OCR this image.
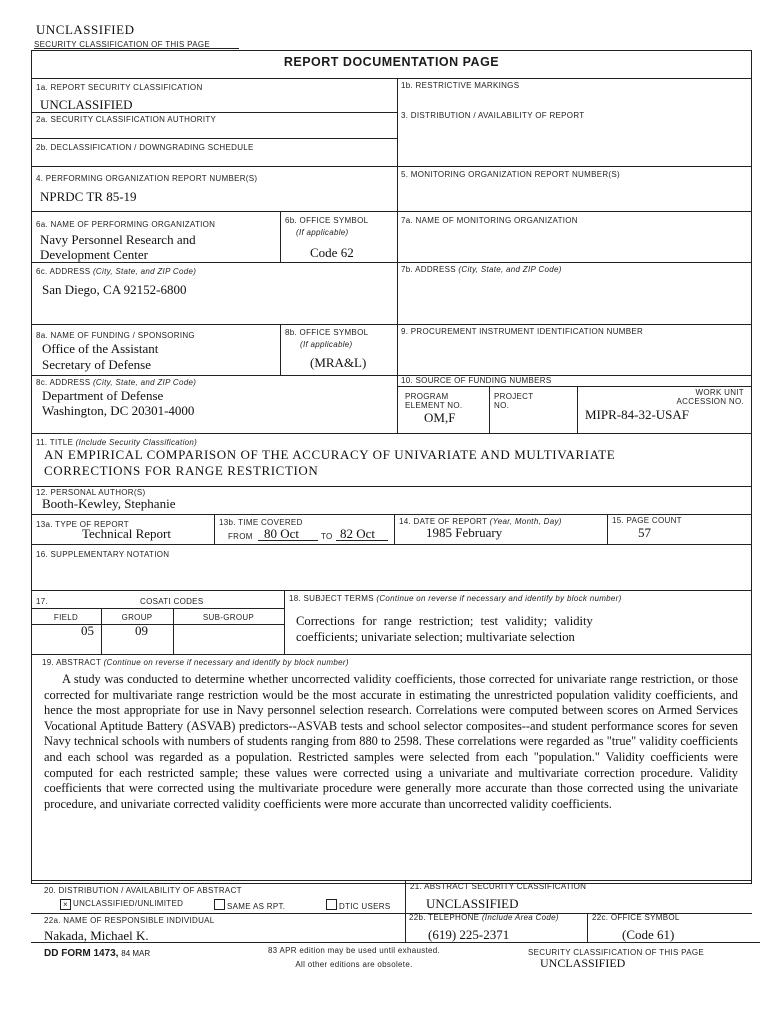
UNCLASSIFIED
SECURITY CLASSIFICATION OF THIS PAGE
REPORT DOCUMENTATION PAGE
1a. REPORT SECURITY CLASSIFICATION
UNCLASSIFIED
1b. RESTRICTIVE MARKINGS
2a. SECURITY CLASSIFICATION AUTHORITY	3. DISTRIBUTION / AVAILABILITY OF REPORT
2b. DECLASSIFICATION / DOWNGRADING SCHEDULE
4. PERFORMING ORGANIZATION REPORT NUMBER(S)
NPRDC TR 85-19
5. MONITORING ORGANIZATION REPORT NUMBER(S)
6a. NAME OF PERFORMING ORGANIZATION
Navy Personnel Research and
Development Center
6b. OFFICE SYMBOL
(If applicable)
Code 62
7a. NAME OF MONITORING ORGANIZATION
6c. ADDRESS (City, State, and ZIP Code)
San Diego, CA 92152-6800
7b. ADDRESS (City, State, and ZIP Code)
8a. NAME OF FUNDING / SPONSORING
Office of the Assistant
Secretary of Defense
8b. OFFICE SYMBOL
(If applicable)
(MRA&L)
9. PROCUREMENT INSTRUMENT IDENTIFICATION NUMBER
8c. ADDRESS (City, State, and ZIP Code)
Department of Defense
Washington, DC 20301-4000
10. SOURCE OF FUNDING NUMBERS
PROGRAM
ELEMENT NO.
OM,F
PROJECT
NO.
WORK UNIT
ACCESSION NO.
MIPR-84-32-USAF
11. TITLE (Include Security Classification)
AN EMPIRICAL COMPARISON OF THE ACCURACY OF UNIVARIATE AND MULTIVARIATE
CORRECTIONS FOR RANGE RESTRICTION
12. PERSONAL AUTHOR(S)
Booth-Kewley, Stephanie
13a. TYPE OF REPORT
Technical Report
13b. TIME COVERED
FROM 80 Oct	TO 82 Oct
14. DATE OF REPORT (Year, Month, Day)
1985 February
15. PAGE COUNT
57
16. SUPPLEMENTARY NOTATION
17.	COSATI CODES
FIELD	GROUP	SUB-GROUP
05	09
18. SUBJECT TERMS (Continue on reverse if necessary and identify by block number)
Corrections for range restriction; test validity; validity
coefficients; univariate selection; multivariate selection
19. ABSTRACT (Continue on reverse if necessary and identify by block number)
A study was conducted to determine whether uncorrected validity coefficients, those corrected for univariate range restriction, or those corrected for multivariate range restriction would be the most accurate in estimating the unrestricted population validity coefficients, and hence the most appropriate for use in Navy personnel selection research. Correlations were computed between scores on Armed Services Vocational Aptitude Battery (ASVAB) predictors--ASVAB tests and school selector composites--and student performance scores for seven Navy technical schools with numbers of students ranging from 880 to 2598. These correlations were regarded as "true" validity coefficients and each school was regarded as a population. Restricted samples were selected from each "population." Validity coefficients were computed for each restricted sample; these values were corrected using a univariate and multivariate correction procedure. Validity coefficients that were corrected using the multivariate procedure were generally more accurate than those corrected using the univariate procedure, and univariate corrected validity coefficients were more accurate than uncorrected validity coefficients.
20. DISTRIBUTION / AVAILABILITY OF ABSTRACT
× UNCLASSIFIED/UNLIMITED	SAME AS RPT.	DTIC USERS
21. ABSTRACT SECURITY CLASSIFICATION
UNCLASSIFIED
22a. NAME OF RESPONSIBLE INDIVIDUAL
Nakada, Michael K.
22b. TELEPHONE (Include Area Code)
(619) 225-2371
22c. OFFICE SYMBOL
(Code 61)
DD FORM 1473, 84 MAR	83 APR edition may be used until exhausted.
All other editions are obsolete.
SECURITY CLASSIFICATION OF THIS PAGE
UNCLASSIFIED
